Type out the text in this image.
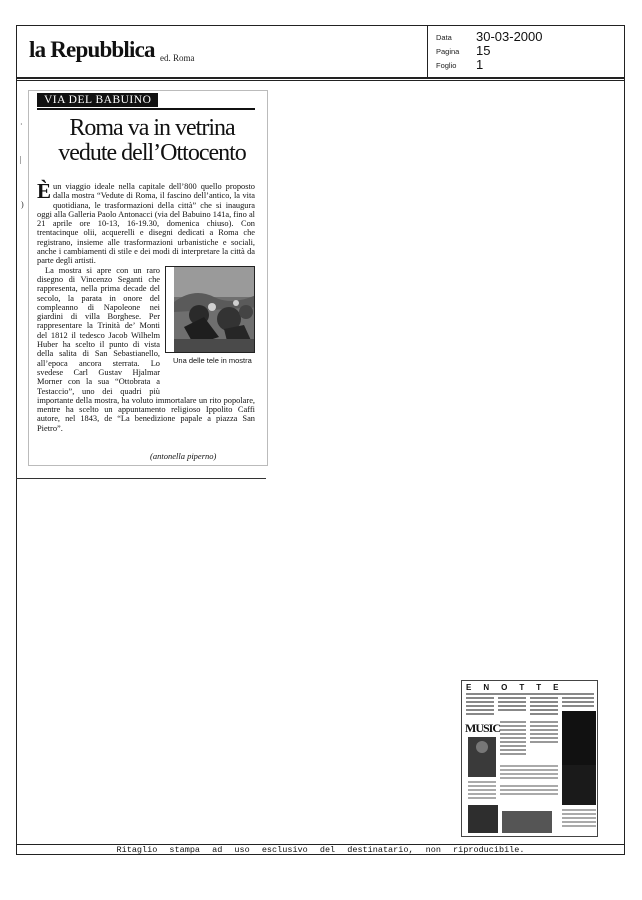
la Repubblica ed. Roma
Data 30-03-2000
Pagina 15
Foglio 1
·
|
)
VIA DEL BABUINO
Roma va in vetrina
vedute dell’Ottocento

Èun viaggio ideale nella capitale dell’800 quello proposto dalla mostra “Vedute di Roma, il fascino dell’antico, la vita quotidiana, le trasformazioni della città” che si inaugura oggi alla Galleria Paolo Antonacci (via del Babuino 141a, fino al 21 aprile ore 10-13, 16-19.30, domenica chiuso). Con trentacinque olii, acquerelli e disegni dedicati a Roma che registrano, insieme alle trasformazioni urbanistiche e sociali, anche i cambiamenti di stile e dei modi di interpretare la città da parte degli artisti.

Una delle tele in mostra
La mostra si apre con un raro disegno di Vincenzo Seganti che rappresenta, nella prima decade del secolo, la parata in onore del compleanno di Napoleone nei giardini di villa Borghese. Per rappresentare la Trinità de’ Monti del 1812 il tedesco Jacob Wilhelm Huber ha scelto il punto di vista della salita di San Sebastianello, all’epoca ancora sterrata. Lo svedese Carl Gustav Hjalmar Morner con la sua “Ottobrata a Testaccio”, uno dei quadri più importante della mostra, ha voluto immortalare un rito popolare, mentre ha scelto un appuntamento religioso Ippolito Caffi autore, nel 1843, de “La benedizione papale a piazza San Pietro”.

(antonella piperno)
ENOTTE
MUSIC
Ritaglio stampa ad uso esclusivo del destinatario, non riproducibile.
